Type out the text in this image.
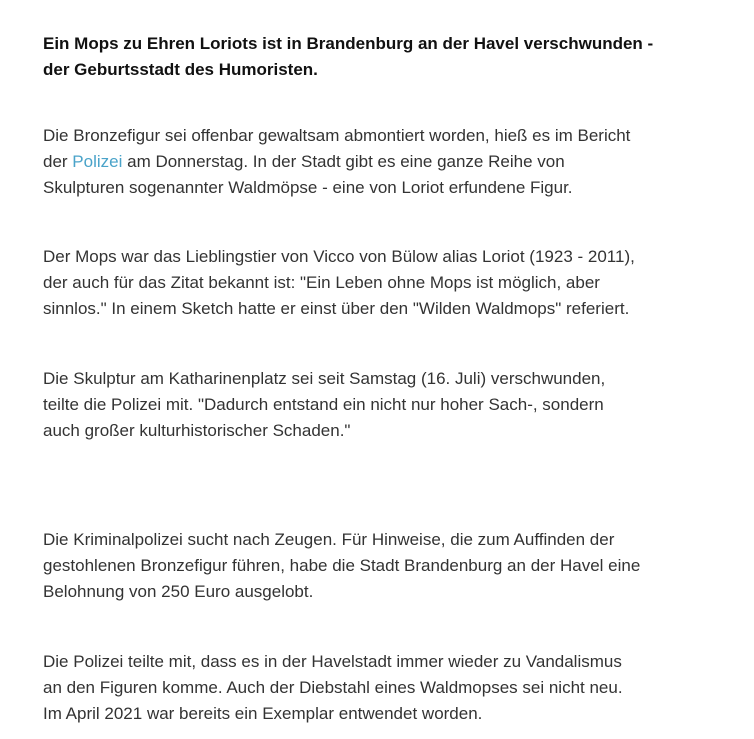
Ein Mops zu Ehren Loriots ist in Brandenburg an der Havel verschwunden -
der Geburtsstadt des Humoristen.

Die Bronzefigur sei offenbar gewaltsam abmontiert worden, hieß es im Bericht
der Polizei am Donnerstag. In der Stadt gibt es eine ganze Reihe von
Skulpturen sogenannter Waldmöpse - eine von Loriot erfundene Figur.

Der Mops war das Lieblingstier von Vicco von Bülow alias Loriot (1923 - 2011),
der auch für das Zitat bekannt ist: "Ein Leben ohne Mops ist möglich, aber
sinnlos." In einem Sketch hatte er einst über den "Wilden Waldmops" referiert.

Die Skulptur am Katharinenplatz sei seit Samstag (16. Juli) verschwunden,
teilte die Polizei mit. "Dadurch entstand ein nicht nur hoher Sach-, sondern
auch großer kulturhistorischer Schaden."

Die Kriminalpolizei sucht nach Zeugen. Für Hinweise, die zum Auffinden der
gestohlenen Bronzefigur führen, habe die Stadt Brandenburg an der Havel eine
Belohnung von 250 Euro ausgelobt.

Die Polizei teilte mit, dass es in der Havelstadt immer wieder zu Vandalismus
an den Figuren komme. Auch der Diebstahl eines Waldmopses sei nicht neu.
Im April 2021 war bereits ein Exemplar entwendet worden.
